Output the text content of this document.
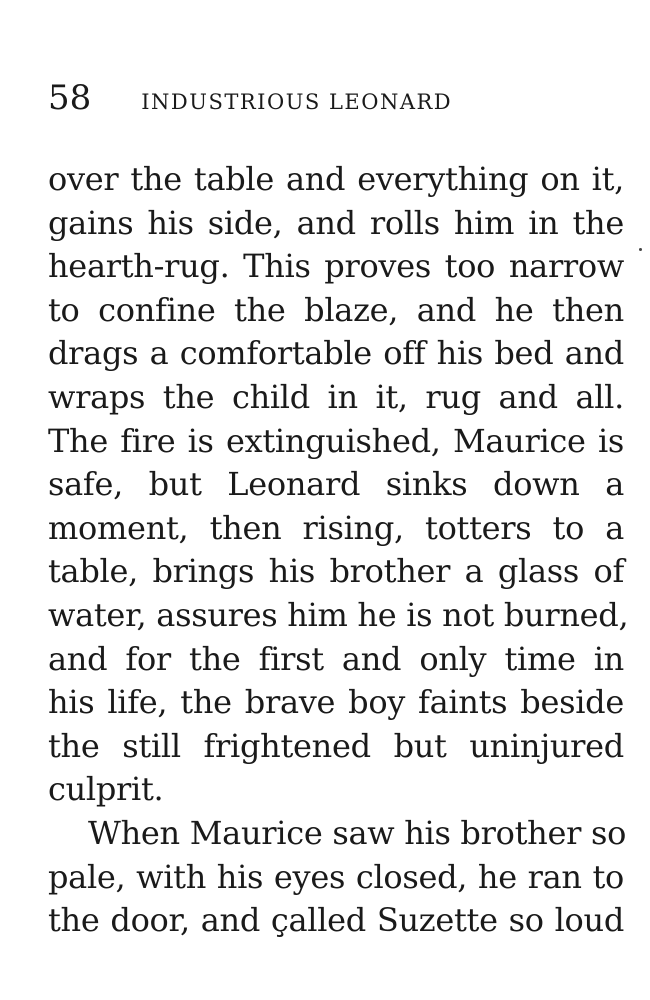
58 INDUSTRIOUS LEONARD
over the table and everything on it,
gains his side, and rolls him in the
hearth-rug. This proves too narrow
to confine the blaze, and he then
drags a comfortable off his bed and
wraps the child in it, rug and all.
The fire is extinguished, Maurice is
safe, but Leonard sinks down a
moment, then rising, totters to a
table, brings his brother a glass of
water, assures him he is not burned,
and for the first and only time in
his life, the brave boy faints beside
the still frightened but uninjured
culprit.
When Maurice saw his brother so
pale, with his eyes closed, he ran to
the door, and çalled Suzette so loud
